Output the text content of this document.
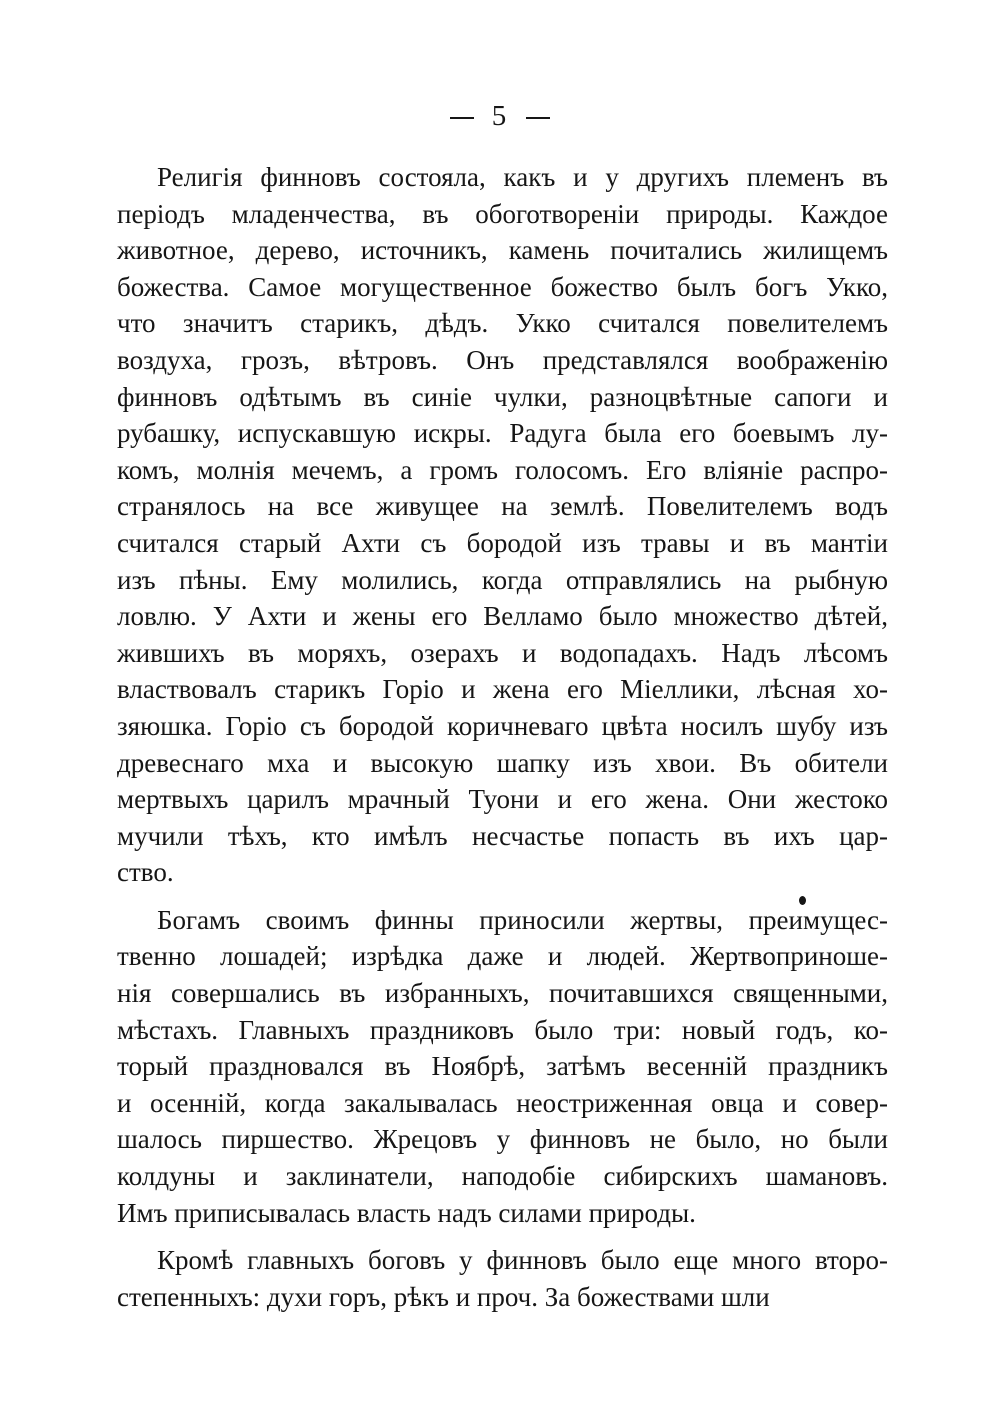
5
Религія финновъ состояла, какъ и у другихъ племенъ въ
періодъ младенчества, въ обоготвореніи природы. Каждое
животное, дерево, источникъ, камень почитались жилищемъ
божества. Самое могущественное божество былъ богъ Укко,
что значитъ старикъ, дѣдъ. Укко считался повелителемъ
воздуха, грозъ, вѣтровъ. Онъ представлялся воображенію
финновъ одѣтымъ въ синіе чулки, разноцвѣтные сапоги и
рубашку, испускавшую искры. Радуга была его боевымъ лу-
комъ, молнія мечемъ, а громъ голосомъ. Его вліяніе распро-
странялось на все живущее на землѣ. Повелителемъ водъ
считался старый Ахти съ бородой изъ травы и въ мантіи
изъ пѣны. Ему молились, когда отправлялись на рыбную
ловлю. У Ахти и жены его Велламо было множество дѣтей,
жившихъ въ моряхъ, озерахъ и водопадахъ. Надъ лѣсомъ
властвовалъ старикъ Горіо и жена его Міеллики, лѣсная хо-
зяюшка. Горіо съ бородой коричневаго цвѣта носилъ шубу изъ
древеснаго мха и высокую шапку изъ хвои. Въ обители
мертвыхъ царилъ мрачный Туони и его жена. Они жестоко
мучили тѣхъ, кто имѣлъ несчастье попасть въ ихъ цар-
ство.
Богамъ своимъ финны приносили жертвы, преимущес-
твенно лошадей; изрѣдка даже и людей. Жертвоприноше-
нія совершались въ избранныхъ, почитавшихся священными,
мѣстахъ. Главныхъ праздниковъ было три: новый годъ, ко-
торый праздновался въ Ноябрѣ, затѣмъ весенній праздникъ
и осенній, когда закалывалась неостриженная овца и совер-
шалось пиршество. Жрецовъ у финновъ не было, но были
колдуны и заклинатели, наподобіе сибирскихъ шамановъ.
Имъ приписывалась власть надъ силами природы.
Кромѣ главныхъ боговъ у финновъ было еще много второ-
степенныхъ: духи горъ, рѣкъ и проч. За божествами шли
